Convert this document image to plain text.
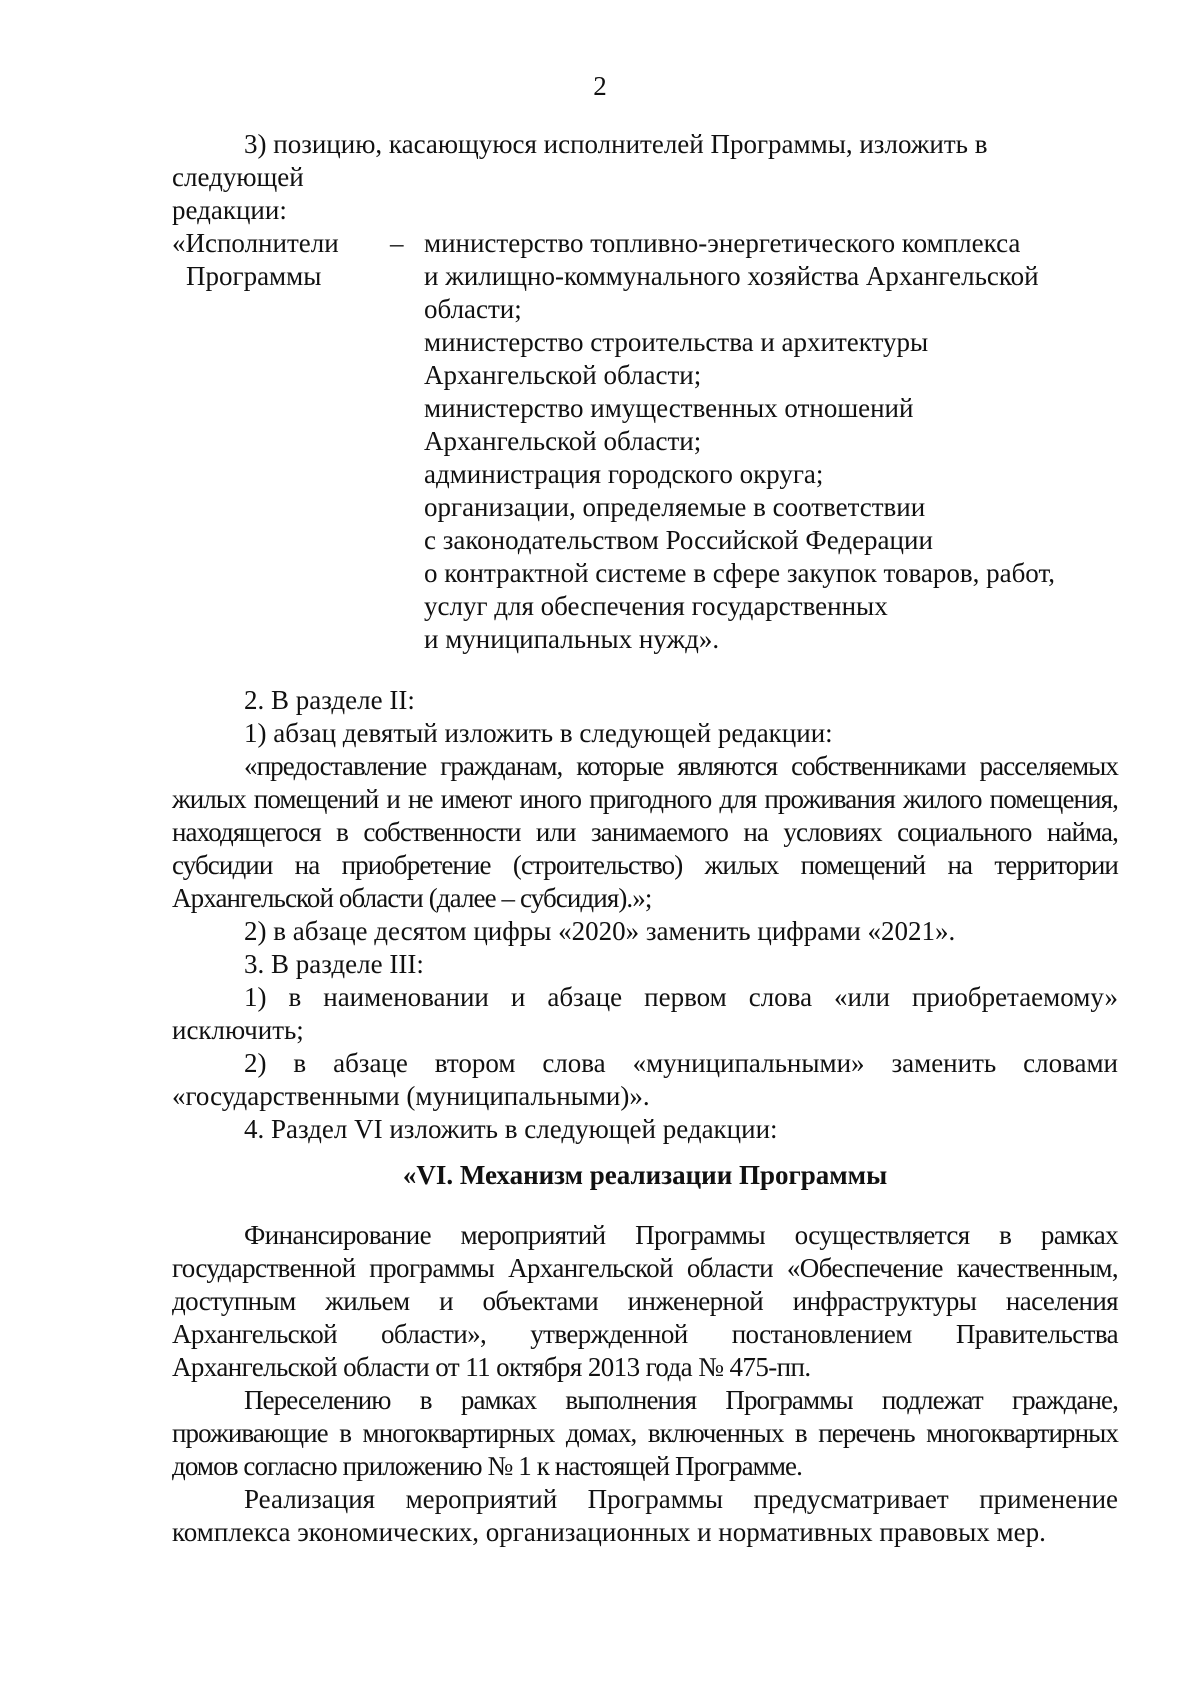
2

3) позицию, касающуюся исполнителей Программы, изложить в следующей

редакции:

«Исполнители

Программы

– министерство топливно-энергетического комплекса

и жилищно-коммунального хозяйства Архангельской

области;

министерство строительства и архитектуры

Архангельской области;

министерство имущественных отношений

Архангельской области;

администрация городского округа;

организации, определяемые в соответствии

с законодательством Российской Федерации

о контрактной системе в сфере закупок товаров, работ,

услуг для обеспечения государственных

и муниципальных нужд».

2. В разделе II:

1) абзац девятый изложить в следующей редакции:

«предоставление гражданам, которые являются собственниками расселяемых жилых помещений и не имеют иного пригодного для проживания жилого помещения, находящегося в собственности или занимаемого на условиях социального найма, субсидии на приобретение (строительство) жилых помещений на территории Архангельской области (далее – субсидия).»;

2) в абзаце десятом цифры «2020» заменить цифрами «2021».

3. В разделе III:

1) в наименовании и абзаце первом слова «или приобретаемому» исключить;

2) в абзаце втором слова «муниципальными» заменить словами «государственными (муниципальными)».

4. Раздел VI изложить в следующей редакции:

«VI. Механизм реализации Программы

Финансирование мероприятий Программы осуществляется в рамках государственной программы Архангельской области «Обеспечение качественным, доступным жильем и объектами инженерной инфраструктуры населения Архангельской области», утвержденной постановлением Правительства Архангельской области от 11 октября 2013 года № 475-пп.

Переселению в рамках выполнения Программы подлежат граждане, проживающие в многоквартирных домах, включенных в перечень многоквартирных домов согласно приложению № 1 к настоящей Программе.

Реализация мероприятий Программы предусматривает применение комплекса экономических, организационных и нормативных правовых мер.
